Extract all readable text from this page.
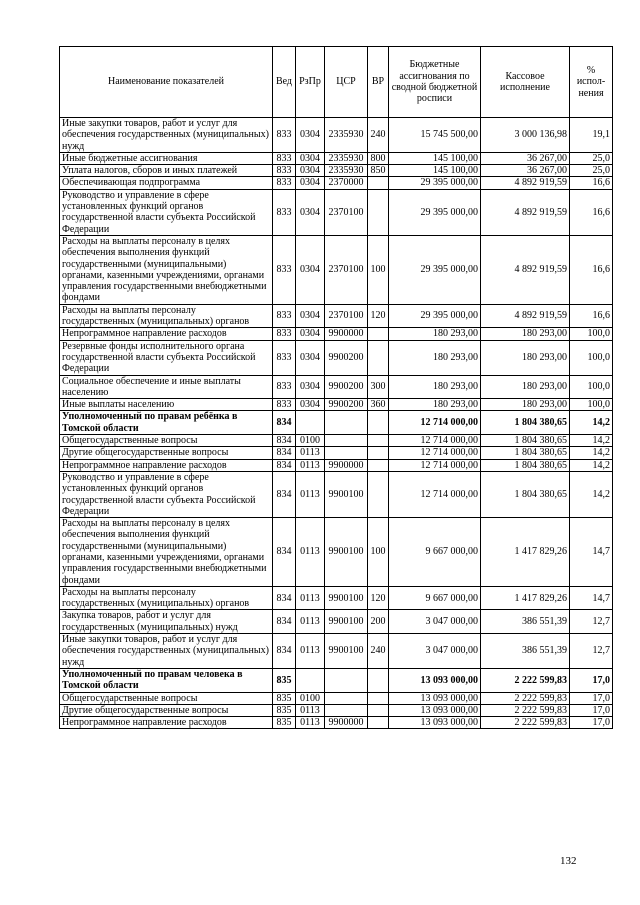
Наименование показателей	Вед	РзПр	ЦСР	ВР	Бюджетные ассигнования по сводной бюджетной росписи	Кассовое исполнение	% испол-нения
Иные закупки товаров, работ и услуг для обеспечения государственных (муниципальных) нужд	833	0304	2335930	240	15 745 500,00	3 000 136,98	19,1
Иные бюджетные ассигнования	833	0304	2335930	800	145 100,00	36 267,00	25,0
Уплата налогов, сборов и иных платежей	833	0304	2335930	850	145 100,00	36 267,00	25,0
Обеспечивающая подпрограмма	833	0304	2370000		29 395 000,00	4 892 919,59	16,6
Руководство и управление в сфере установленных функций органов государственной власти субъекта Российской Федерации	833	0304	2370100		29 395 000,00	4 892 919,59	16,6
Расходы на выплаты персоналу в целях обеспечения выполнения функций государственными (муниципальными) органами, казенными учреждениями, органами управления государственными внебюджетными фондами	833	0304	2370100	100	29 395 000,00	4 892 919,59	16,6
Расходы на выплаты персоналу государственных (муниципальных) органов	833	0304	2370100	120	29 395 000,00	4 892 919,59	16,6
Непрограммное направление расходов	833	0304	9900000		180 293,00	180 293,00	100,0
Резервные фонды исполнительного органа государственной власти субъекта Российской Федерации	833	0304	9900200		180 293,00	180 293,00	100,0
Социальное обеспечение и иные выплаты населению	833	0304	9900200	300	180 293,00	180 293,00	100,0
Иные выплаты населению	833	0304	9900200	360	180 293,00	180 293,00	100,0
Уполномоченный по правам ребёнка в Томской области	834				12 714 000,00	1 804 380,65	14,2
Общегосударственные вопросы	834	0100			12 714 000,00	1 804 380,65	14,2
Другие общегосударственные вопросы	834	0113			12 714 000,00	1 804 380,65	14,2
Непрограммное направление расходов	834	0113	9900000		12 714 000,00	1 804 380,65	14,2
Руководство и управление в сфере установленных функций органов государственной власти субъекта Российской Федерации	834	0113	9900100		12 714 000,00	1 804 380,65	14,2
Расходы на выплаты персоналу в целях обеспечения выполнения функций государственными (муниципальными) органами, казенными учреждениями, органами управления государственными внебюджетными фондами	834	0113	9900100	100	9 667 000,00	1 417 829,26	14,7
Расходы на выплаты персоналу государственных (муниципальных) органов	834	0113	9900100	120	9 667 000,00	1 417 829,26	14,7
Закупка товаров, работ и услуг для государственных (муниципальных) нужд	834	0113	9900100	200	3 047 000,00	386 551,39	12,7
Иные закупки товаров, работ и услуг для обеспечения государственных (муниципальных) нужд	834	0113	9900100	240	3 047 000,00	386 551,39	12,7
Уполномоченный по правам человека в Томской области	835				13 093 000,00	2 222 599,83	17,0
Общегосударственные вопросы	835	0100			13 093 000,00	2 222 599,83	17,0
Другие общегосударственные вопросы	835	0113			13 093 000,00	2 222 599,83	17,0
Непрограммное направление расходов	835	0113	9900000		13 093 000,00	2 222 599,83	17,0
132
